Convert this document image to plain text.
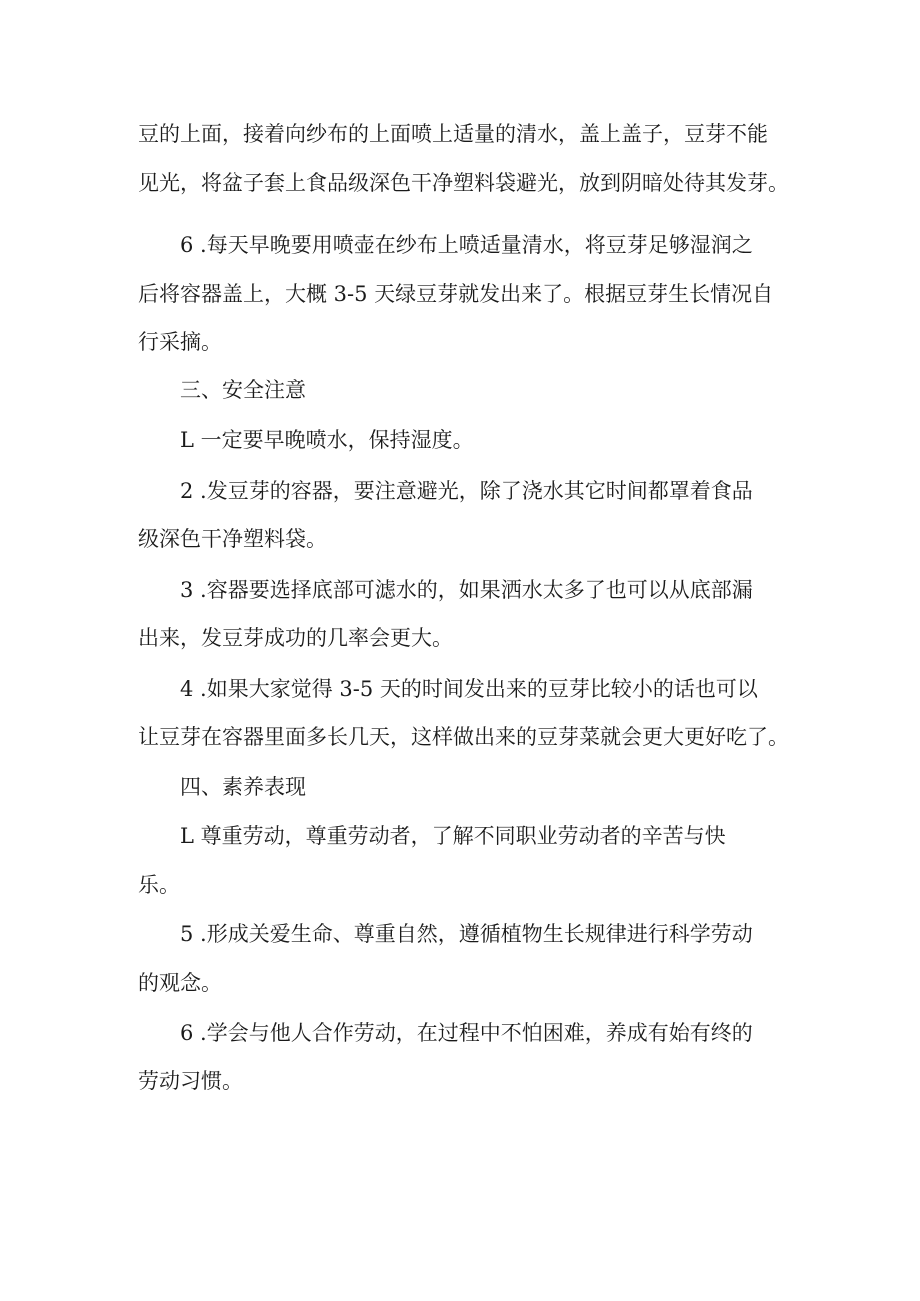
豆的上面，接着向纱布的上面喷上适量的清水，盖上盖子，豆芽不能
见光，将盆子套上食品级深色干净塑料袋避光，放到阴暗处待其发芽。
6 .每天早晚要用喷壶在纱布上喷适量清水，将豆芽足够湿润之
后将容器盖上，大概 3-5 天绿豆芽就发出来了。根据豆芽生长情况自
行采摘。
三、安全注意
L 一定要早晚喷水，保持湿度。
2 .发豆芽的容器，要注意避光，除了浇水其它时间都罩着食品
级深色干净塑料袋。
3 .容器要选择底部可滤水的，如果洒水太多了也可以从底部漏
出来，发豆芽成功的几率会更大。
4 .如果大家觉得 3-5 天的时间发出来的豆芽比较小的话也可以
让豆芽在容器里面多长几天，这样做出来的豆芽菜就会更大更好吃了。
四、素养表现
L 尊重劳动，尊重劳动者，了解不同职业劳动者的辛苦与快
乐。
5 .形成关爱生命、尊重自然，遵循植物生长规律进行科学劳动
的观念。
6 .学会与他人合作劳动，在过程中不怕困难，养成有始有终的
劳动习惯。
